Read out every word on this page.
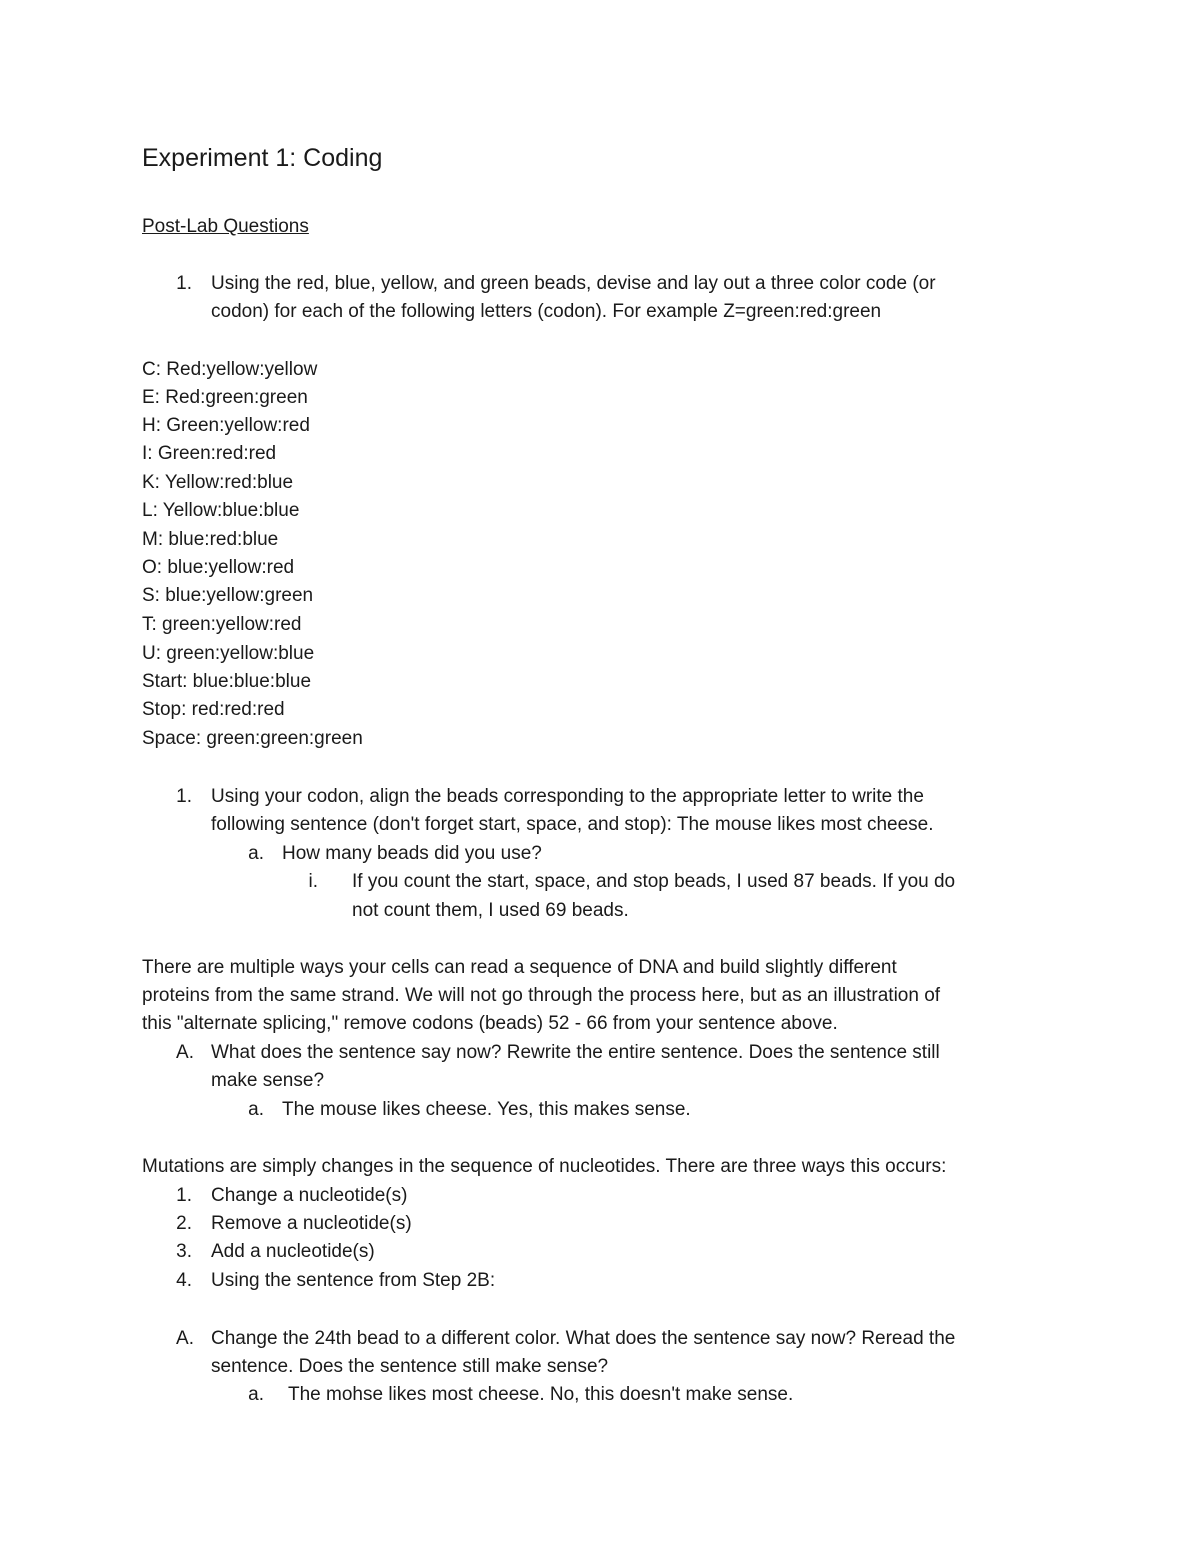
Experiment 1: Coding
Post-Lab Questions
1. Using the red, blue, yellow, and green beads, devise and lay out a three color code (or
codon) for each of the following letters (codon). For example Z=green:red:green
C: Red:yellow:yellow
E: Red:green:green
H: Green:yellow:red
I: Green:red:red
K: Yellow:red:blue
L: Yellow:blue:blue
M: blue:red:blue
O: blue:yellow:red
S: blue:yellow:green
T: green:yellow:red
U: green:yellow:blue
Start: blue:blue:blue
Stop: red:red:red
Space: green:green:green
1. Using your codon, align the beads corresponding to the appropriate letter to write the
following sentence (don't forget start, space, and stop): The mouse likes most cheese.
a. How many beads did you use?
i. If you count the start, space, and stop beads, I used 87 beads. If you do
not count them, I used 69 beads.
There are multiple ways your cells can read a sequence of DNA and build slightly different
proteins from the same strand. We will not go through the process here, but as an illustration of
this "alternate splicing," remove codons (beads) 52 - 66 from your sentence above.
A. What does the sentence say now? Rewrite the entire sentence. Does the sentence still
make sense?
a. The mouse likes cheese. Yes, this makes sense.
Mutations are simply changes in the sequence of nucleotides. There are three ways this occurs:
1. Change a nucleotide(s)
2. Remove a nucleotide(s)
3. Add a nucleotide(s)
4. Using the sentence from Step 2B:
A. Change the 24th bead to a different color. What does the sentence say now? Reread the
sentence. Does the sentence still make sense?
a. The mohse likes most cheese. No, this doesn't make sense.
